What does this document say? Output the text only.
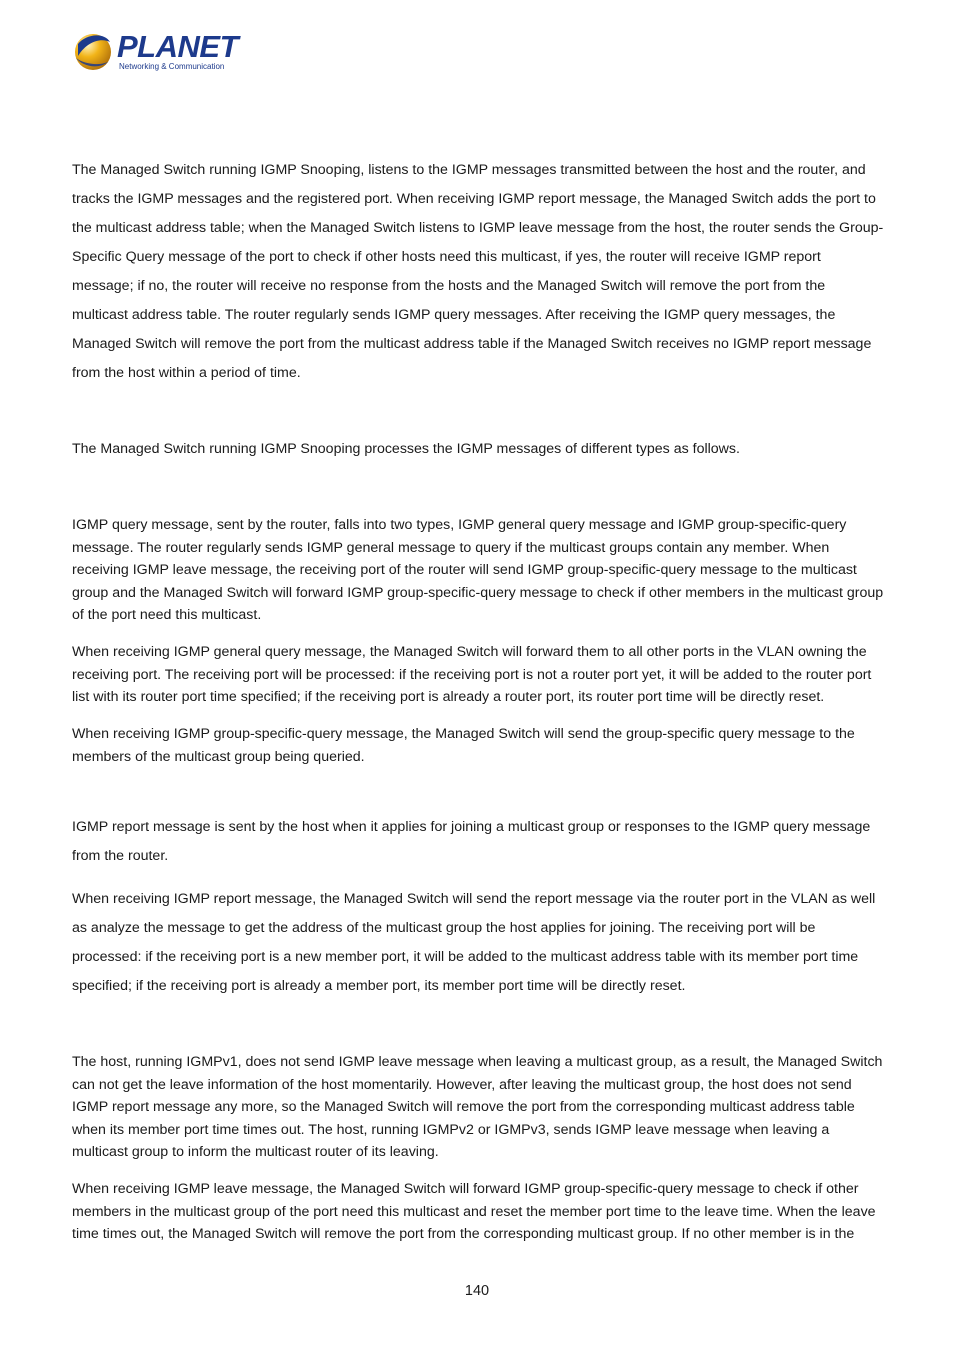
PLANET
Networking & Communication

The Managed Switch running IGMP Snooping, listens to the IGMP messages transmitted between the host and the router, and tracks the IGMP messages and the registered port. When receiving IGMP report message, the Managed Switch adds the port to the multicast address table; when the Managed Switch listens to IGMP leave message from the host, the router sends the Group-Specific Query message of the port to check if other hosts need this multicast, if yes, the router will receive IGMP report message; if no, the router will receive no response from the hosts and the Managed Switch will remove the port from the multicast address table. The router regularly sends IGMP query messages. After receiving the IGMP query messages, the Managed Switch will remove the port from the multicast address table if the Managed Switch receives no IGMP report message from the host within a period of time.

The Managed Switch running IGMP Snooping processes the IGMP messages of different types as follows.

IGMP query message, sent by the router, falls into two types, IGMP general query message and IGMP group-specific-query message. The router regularly sends IGMP general message to query if the multicast groups contain any member. When receiving IGMP leave message, the receiving port of the router will send IGMP group-specific-query message to the multicast group and the Managed Switch will forward IGMP group-specific-query message to check if other members in the multicast group of the port need this multicast.

When receiving IGMP general query message, the Managed Switch will forward them to all other ports in the VLAN owning the receiving port. The receiving port will be processed: if the receiving port is not a router port yet, it will be added to the router port list with its router port time specified; if the receiving port is already a router port, its router port time will be directly reset.

When receiving IGMP group-specific-query message, the Managed Switch will send the group-specific query message to the members of the multicast group being queried.

IGMP report message is sent by the host when it applies for joining a multicast group or responses to the IGMP query message from the router.

When receiving IGMP report message, the Managed Switch will send the report message via the router port in the VLAN as well as analyze the message to get the address of the multicast group the host applies for joining. The receiving port will be processed: if the receiving port is a new member port, it will be added to the multicast address table with its member port time specified; if the receiving port is already a member port, its member port time will be directly reset.

The host, running IGMPv1, does not send IGMP leave message when leaving a multicast group, as a result, the Managed Switch can not get the leave information of the host momentarily. However, after leaving the multicast group, the host does not send IGMP report message any more, so the Managed Switch will remove the port from the corresponding multicast address table when its member port time times out. The host, running IGMPv2 or IGMPv3, sends IGMP leave message when leaving a multicast group to inform the multicast router of its leaving.

When receiving IGMP leave message, the Managed Switch will forward IGMP group-specific-query message to check if other members in the multicast group of the port need this multicast and reset the member port time to the leave time. When the leave time times out, the Managed Switch will remove the port from the corresponding multicast group. If no other member is in the

140
